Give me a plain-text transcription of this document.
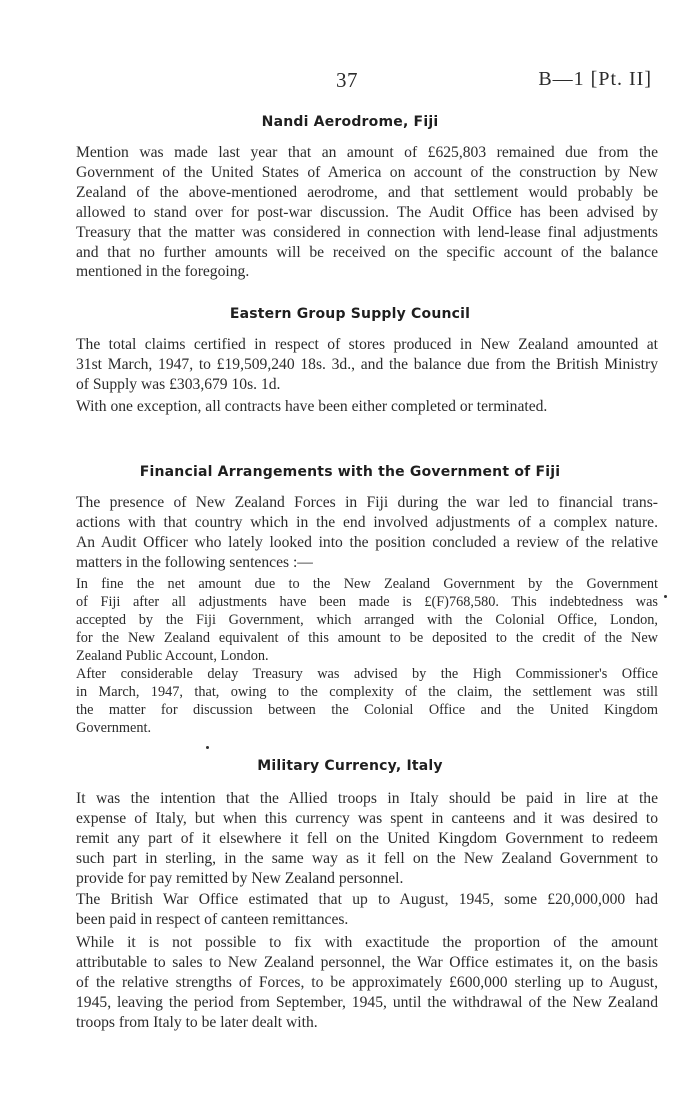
37	B—1 [Pt. II]
Nandi Aerodrome, Fiji
Mention was made last year that an amount of £625,803 remained due from the
Government of the United States of America on account of the construction by New
Zealand of the above-mentioned aerodrome, and that settlement would probably be
allowed to stand over for post-war discussion. The Audit Office has been advised by
Treasury that the matter was considered in connection with lend-lease final adjustments
and that no further amounts will be received on the specific account of the balance
mentioned in the foregoing.
Eastern Group Supply Council
The total claims certified in respect of stores produced in New Zealand amounted at
31st March, 1947, to £19,509,240 18s. 3d., and the balance due from the British Ministry
of Supply was £303,679 10s. 1d.
With one exception, all contracts have been either completed or terminated.
Financial Arrangements with the Government of Fiji
The presence of New Zealand Forces in Fiji during the war led to financial trans-
actions with that country which in the end involved adjustments of a complex nature.
An Audit Officer who lately looked into the position concluded a review of the relative
matters in the following sentences :—
In fine the net amount due to the New Zealand Government by the Government
of Fiji after all adjustments have been made is £(F)768,580. This indebtedness was
accepted by the Fiji Government, which arranged with the Colonial Office, London,
for the New Zealand equivalent of this amount to be deposited to the credit of the New
Zealand Public Account, London.
After considerable delay Treasury was advised by the High Commissioner's Office
in March, 1947, that, owing to the complexity of the claim, the settlement was still
the matter for discussion between the Colonial Office and the United Kingdom
Government.
Military Currency, Italy
It was the intention that the Allied troops in Italy should be paid in lire at the
expense of Italy, but when this currency was spent in canteens and it was desired to
remit any part of it elsewhere it fell on the United Kingdom Government to redeem
such part in sterling, in the same way as it fell on the New Zealand Government to
provide for pay remitted by New Zealand personnel.
The British War Office estimated that up to August, 1945, some £20,000,000 had
been paid in respect of canteen remittances.
While it is not possible to fix with exactitude the proportion of the amount
attributable to sales to New Zealand personnel, the War Office estimates it, on the basis
of the relative strengths of Forces, to be approximately £600,000 sterling up to August,
1945, leaving the period from September, 1945, until the withdrawal of the New Zealand
troops from Italy to be later dealt with.
